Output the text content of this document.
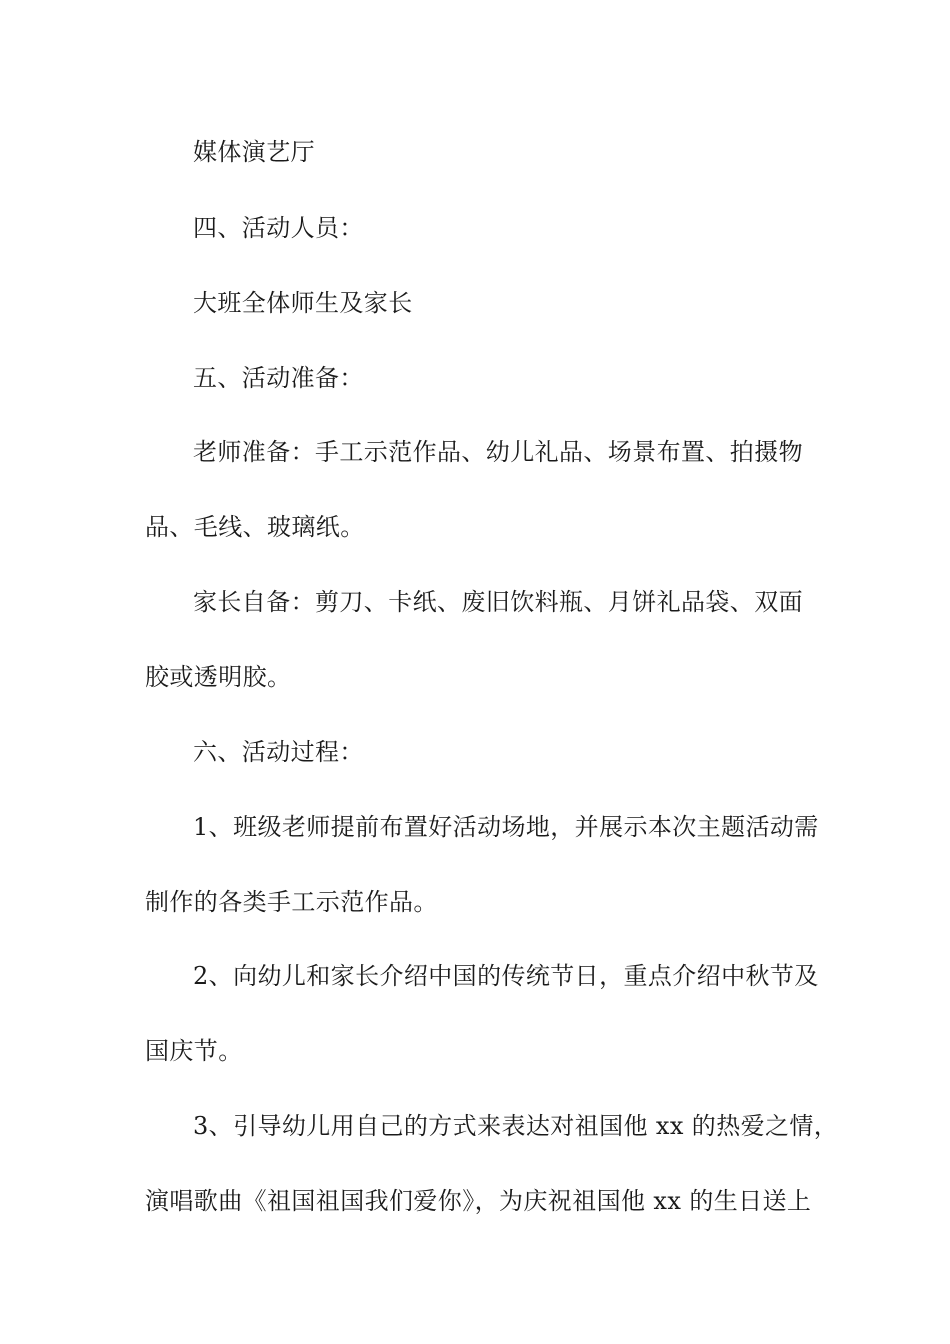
媒体演艺厅
四、活动人员：
大班全体师生及家长
五、活动准备：
老师准备：手工示范作品、幼儿礼品、场景布置、拍摄物
品、毛线、玻璃纸。
家长自备：剪刀、卡纸、废旧饮料瓶、月饼礼品袋、双面
胶或透明胶。
六、活动过程：
1、班级老师提前布置好活动场地，并展示本次主题活动需
制作的各类手工示范作品。
2、向幼儿和家长介绍中国的传统节日，重点介绍中秋节及
国庆节。
3、引导幼儿用自己的方式来表达对祖国他 xx 的热爱之情，
演唱歌曲《祖国祖国我们爱你》，为庆祝祖国他 xx 的生日送上
